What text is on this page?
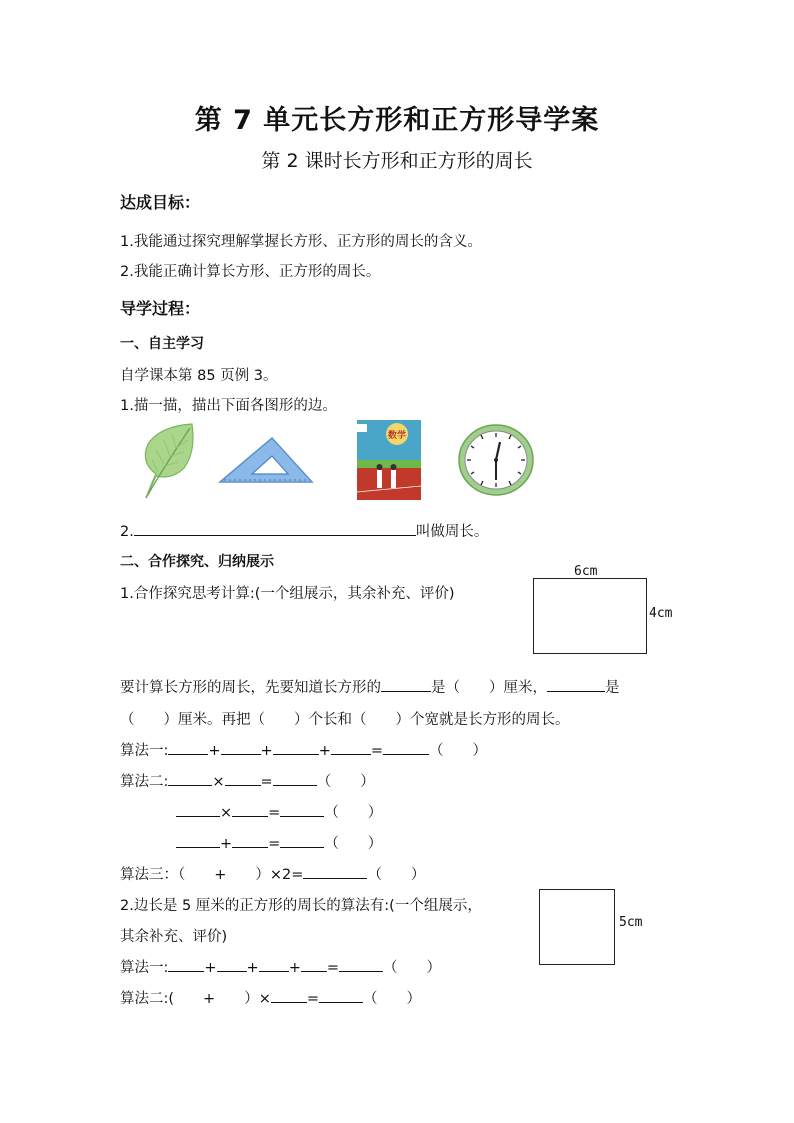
第 7 单元长方形和正方形导学案
第 2 课时长方形和正方形的周长
达成目标：
1.我能通过探究理解掌握长方形、正方形的周长的含义。
2.我能正确计算长方形、正方形的周长。
导学过程：
一、自主学习
自学课本第 85 页例 3。
1.描一描，描出下面各图形的边。
数学
2.	叫做周长。
二、合作探究、归纳展示
1.合作探究思考计算:(一个组展示，其余补充、评价)
6cm
4cm
要计算长方形的周长，先要知道长方形的	是（　　）厘米，	是
（　　）厘米。再把（　　）个长和（　　）个宽就是长方形的周长。
算法一:	+	+	+	=	（　　）
算法二:	× =	（　　）
× =	（　　）
+ =	（　　）
算法三：（　　+　　）×2=	（　　）
2.边长是 5 厘米的正方形的周长的算法有:(一个组展示，
其余补充、评价)
5cm
算法一: + + + =	（　　）
算法二:(　　+　　）× =	（　　）
